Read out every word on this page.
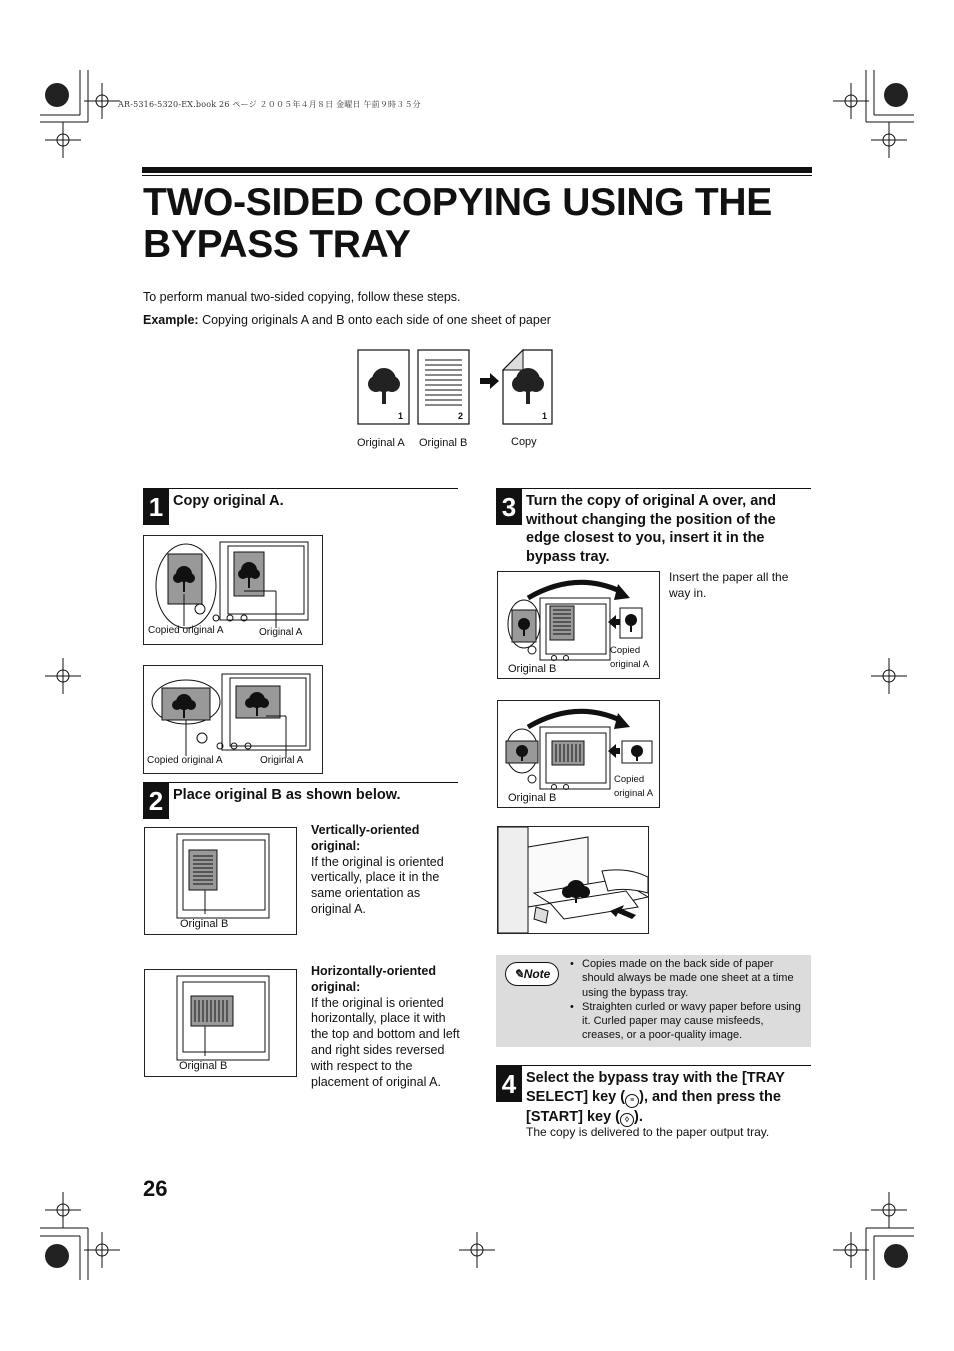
AR-5316-5320-EX.book 26 ページ ２００５年４月８日 金曜日 午前９時３５分
TWO-SIDED COPYING USING THE BYPASS TRAY
To perform manual two-sided copying, follow these steps.
Example: Copying originals A and B onto each side of one sheet of paper
1	2	1
Original A Original B	Copy
1 Copy original A.
Copied original A	Original A
Copied original A	Original A
2 Place original B as shown below.
Original B
Vertically-oriented original:
If the original is oriented vertically, place it in the same orientation as original A.
Original B
Horizontally-oriented original:
If the original is oriented horizontally, place it with the top and bottom and left and right sides reversed with respect to the placement of original A.
3 Turn the copy of original A over, and without changing the position of the edge closest to you, insert it in the bypass tray.
Original B
Copied
original A
Insert the paper all the way in.
Original B
Copied
original A
✎Note
• Copies made on the back side of paper should always be made one sheet at a time using the bypass tray.
• Straighten curled or wavy paper before using it. Curled paper may cause misfeeds, creases, or a poor-quality image.
4 Select the bypass tray with the [TRAY SELECT] key ( ≡ ), and then press the [START] key ( ◊ ).
The copy is delivered to the paper output tray.
26
